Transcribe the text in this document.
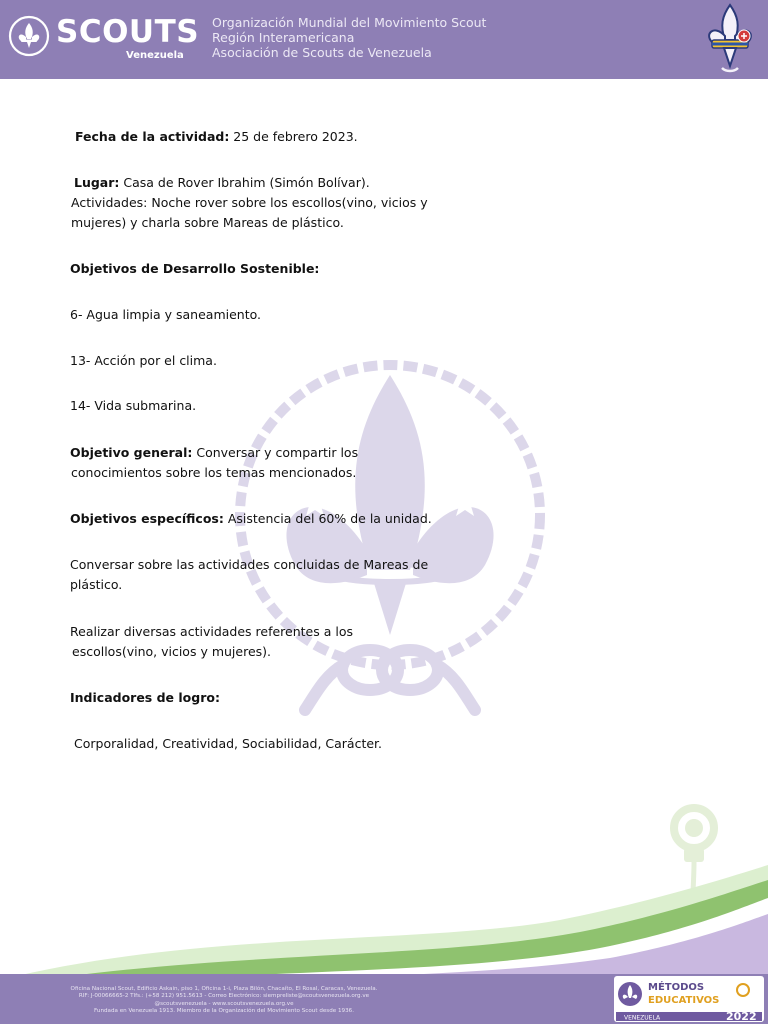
SCOUTS
Venezuela
Organización Mundial del Movimiento Scout
Región Interamericana
Asociación de Scouts de Venezuela

Fecha de la actividad: 25 de febrero 2023.

Lugar: Casa de Rover Ibrahim (Simón Bolívar).

Actividades: Noche rover sobre los escollos(vino, vicios y

mujeres) y charla sobre Mareas de plástico.

Objetivos de Desarrollo Sostenible:

6- Agua limpia y saneamiento.

13- Acción por el clima.

14- Vida submarina.

Objetivo general: Conversar y compartir los

conocimientos sobre los temas mencionados.

Objetivos específicos: Asistencia del 60% de la unidad.

Conversar sobre las actividades concluidas de Mareas de

plástico.

Realizar diversas actividades referentes a los

escollos(vino, vicios y mujeres).

Indicadores de logro:

Corporalidad, Creatividad, Sociabilidad, Carácter.

Oficina Nacional Scout, Edificio Askain, piso 1, Oficina 1-i, Plaza Bilón, Chacaíto, El Rosal, Caracas, Venezuela.
RIF: J-00066665-2 Tlfs.: (+58 212) 951.5613 - Correo Electrónico: siempreliste@scoutsvenezuela.org.ve
@scoutsvenezuela - www.scoutsvenezuela.org.ve
Fundada en Venezuela 1913. Miembro de la Organización del Movimiento Scout desde 1936.
MÉTODOS
EDUCATIVOS
VENEZUELA	2022
